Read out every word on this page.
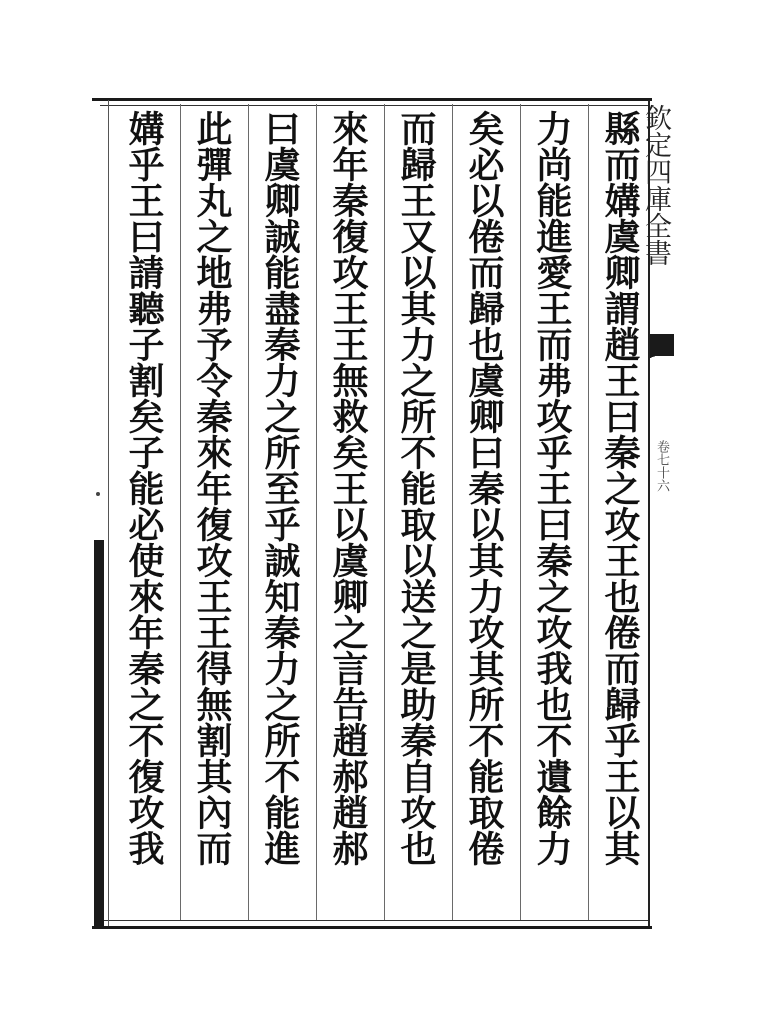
欽定四庫全書
卷七十六
縣而媾虞卿謂趙王曰秦之攻王也倦而歸乎王以其
力尚能進愛王而弗攻乎王曰秦之攻我也不遺餘力
矣必以倦而歸也虞卿曰秦以其力攻其所不能取倦
而歸王又以其力之所不能取以送之是助秦自攻也
來年秦復攻王王無救矣王以虞卿之言告趙郝趙郝
曰虞卿誠能盡秦力之所至乎誠知秦力之所不能進
此彈丸之地弗予令秦來年復攻王王得無割其內而
媾乎王曰請聽子割矣子能必使來年秦之不復攻我
